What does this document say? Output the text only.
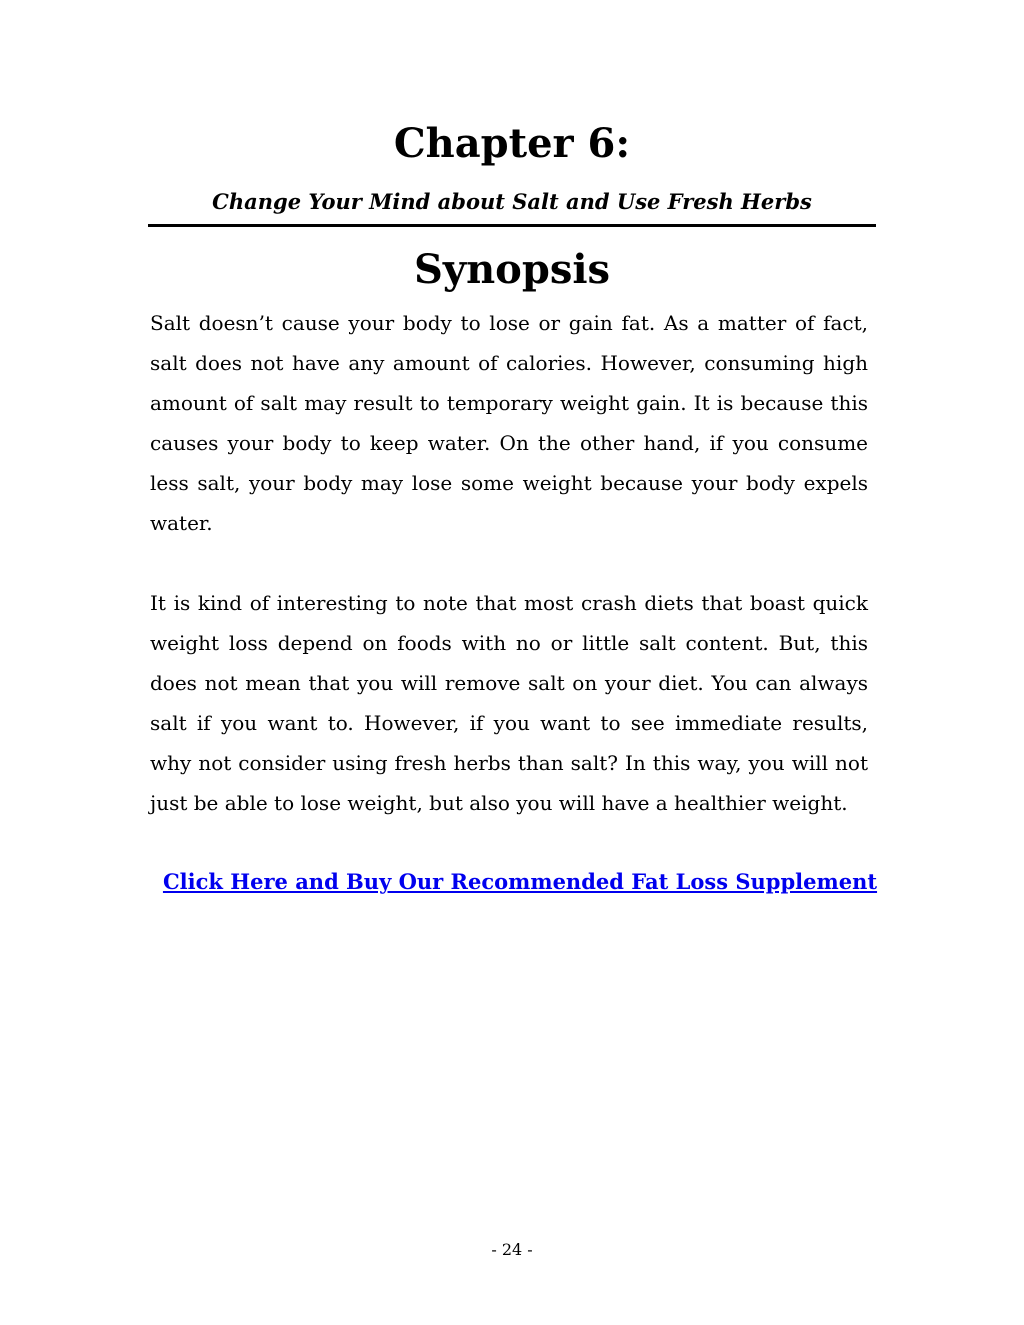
Chapter 6:
Change Your Mind about Salt and Use Fresh Herbs
Synopsis

Salt doesn’t cause your body to lose or gain fat. As a matter of fact, salt does not have any amount of calories. However, consuming high amount of salt may result to temporary weight gain. It is because this causes your body to keep water. On the other hand, if you consume less salt, your body may lose some weight because your body expels water.

It is kind of interesting to note that most crash diets that boast quick weight loss depend on foods with no or little salt content. But, this does not mean that you will remove salt on your diet. You can always salt if you want to. However, if you want to see immediate results, why not consider using fresh herbs than salt? In this way, you will not just be able to lose weight, but also you will have a healthier weight.

Click Here and Buy Our Recommended Fat Loss Supplement

- 24 -
